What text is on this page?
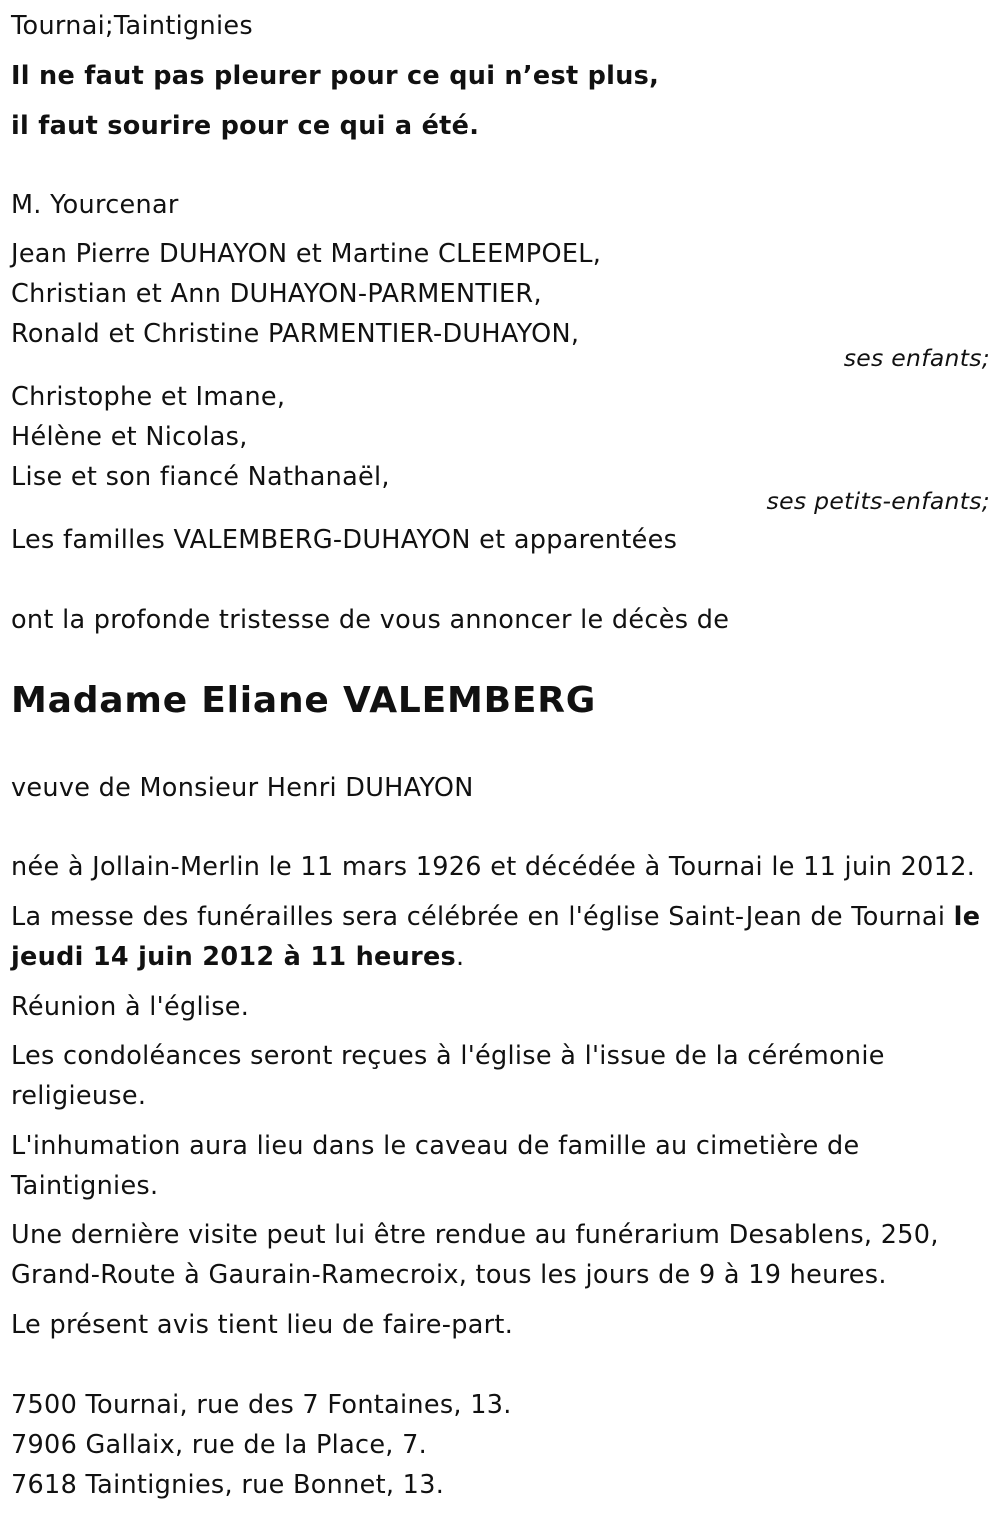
Tournai;Taintignies
Il ne faut pas pleurer pour ce qui n’est plus,
il faut sourire pour ce qui a été.
M. Yourcenar
Jean Pierre DUHAYON et Martine CLEEMPOEL,
Christian et Ann DUHAYON-PARMENTIER,
Ronald et Christine PARMENTIER-DUHAYON,
ses enfants;
Christophe et Imane,
Hélène et Nicolas,
Lise et son fiancé Nathanaël,
ses petits-enfants;
Les familles VALEMBERG-DUHAYON et apparentées
ont la profonde tristesse de vous annoncer le décès de
Madame Eliane VALEMBERG
veuve de Monsieur Henri DUHAYON
née à Jollain-Merlin le 11 mars 1926 et décédée à Tournai le 11 juin 2012.
La messe des funérailles sera célébrée en l'église Saint-Jean de Tournai le
jeudi 14 juin 2012 à 11 heures.
Réunion à l'église.
Les condoléances seront reçues à l'église à l'issue de la cérémonie
religieuse.
L'inhumation aura lieu dans le caveau de famille au cimetière de
Taintignies.
Une dernière visite peut lui être rendue au funérarium Desablens, 250,
Grand-Route à Gaurain-Ramecroix, tous les jours de 9 à 19 heures.
Le présent avis tient lieu de faire-part.
7500 Tournai, rue des 7 Fontaines, 13.
7906 Gallaix, rue de la Place, 7.
7618 Taintignies, rue Bonnet, 13.
